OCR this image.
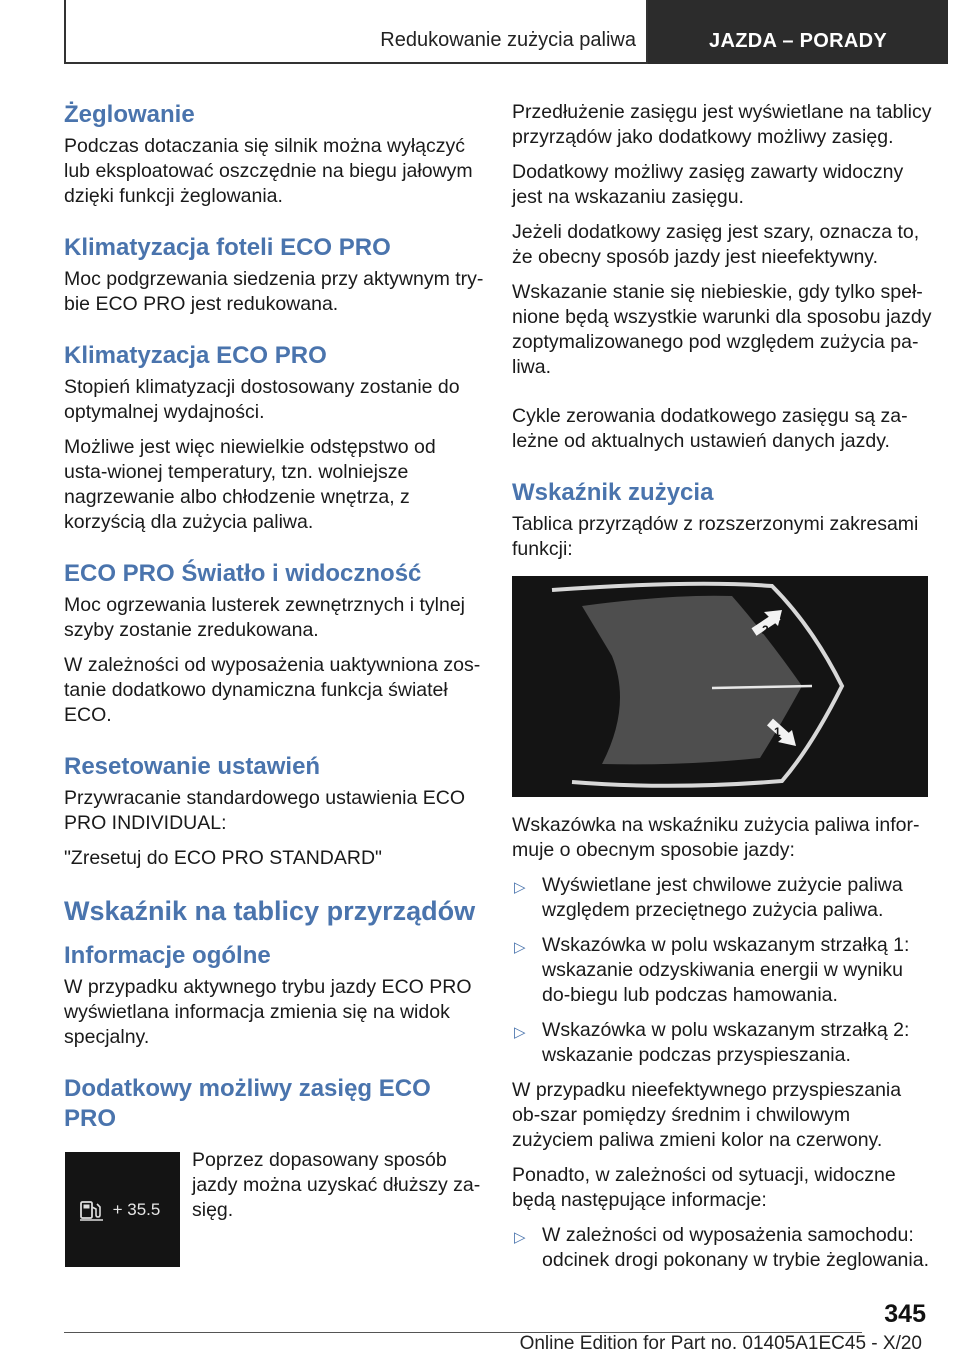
Redukowanie zużycia paliwa	JAZDA – PORADY
Żeglowanie

Podczas dotaczania się silnik można wyłączyć lub eksploatować oszczędnie na biegu jałowym dzięki funkcji żeglowania.

Klimatyzacja foteli ECO PRO

Moc podgrzewania siedzenia przy aktywnym try-bie ECO PRO jest redukowana.

Klimatyzacja ECO PRO

Stopień klimatyzacji dostosowany zostanie do optymalnej wydajności.

Możliwe jest więc niewielkie odstępstwo od usta-wionej temperatury, tzn. wolniejsze nagrzewanie albo chłodzenie wnętrza, z korzyścią dla zużycia paliwa.

ECO PRO Światło i widoczność

Moc ogrzewania lusterek zewnętrznych i tylnej szyby zostanie zredukowana.

W zależności od wyposażenia uaktywniona zos-tanie dodatkowo dynamiczna funkcja świateł ECO.

Resetowanie ustawień

Przywracanie standardowego ustawienia ECO PRO INDIVIDUAL:

"Zresetuj do ECO PRO STANDARD"

Wskaźnik na tablicy przyrządów
Informacje ogólne

W przypadku aktywnego trybu jazdy ECO PRO wyświetlana informacja zmienia się na widok specjalny.

Dodatkowy możliwy zasięg ECO PRO
+ 35.5

Poprzez dopasowany sposób jazdy można uzyskać dłuższy za-sięg.

Przedłużenie zasięgu jest wyświetlane na tablicy przyrządów jako dodatkowy możliwy zasięg.

Dodatkowy możliwy zasięg zawarty widoczny jest na wskazaniu zasięgu.

Jeżeli dodatkowy zasięg jest szary, oznacza to, że obecny sposób jazdy jest nieefektywny.

Wskazanie stanie się niebieskie, gdy tylko speł-nione będą wszystkie warunki dla sposobu jazdy zoptymalizowanego pod względem zużycia pa-liwa.

Cykle zerowania dodatkowego zasięgu są za-leżne od aktualnych ustawień danych jazdy.

Wskaźnik zużycia

Tablica przyrządów z rozszerzonymi zakresami funkcji:

2
1

Wskazówka na wskaźniku zużycia paliwa infor-muje o obecnym sposobie jazdy:

▷ Wyświetlane jest chwilowe zużycie paliwa względem przeciętnego zużycia paliwa.
▷ Wskazówka w polu wskazanym strzałką 1: wskazanie odzyskiwania energii w wyniku do-biegu lub podczas hamowania.
▷ Wskazówka w polu wskazanym strzałką 2: wskazanie podczas przyspieszania.

W przypadku nieefektywnego przyspieszania ob-szar pomiędzy średnim i chwilowym zużyciem paliwa zmieni kolor na czerwony.

Ponadto, w zależności od sytuacji, widoczne będą następujące informacje:

▷ W zależności od wyposażenia samochodu: odcinek drogi pokonany w trybie żeglowania.
345
Online Edition for Part no. 01405A1EC45 - X/20
